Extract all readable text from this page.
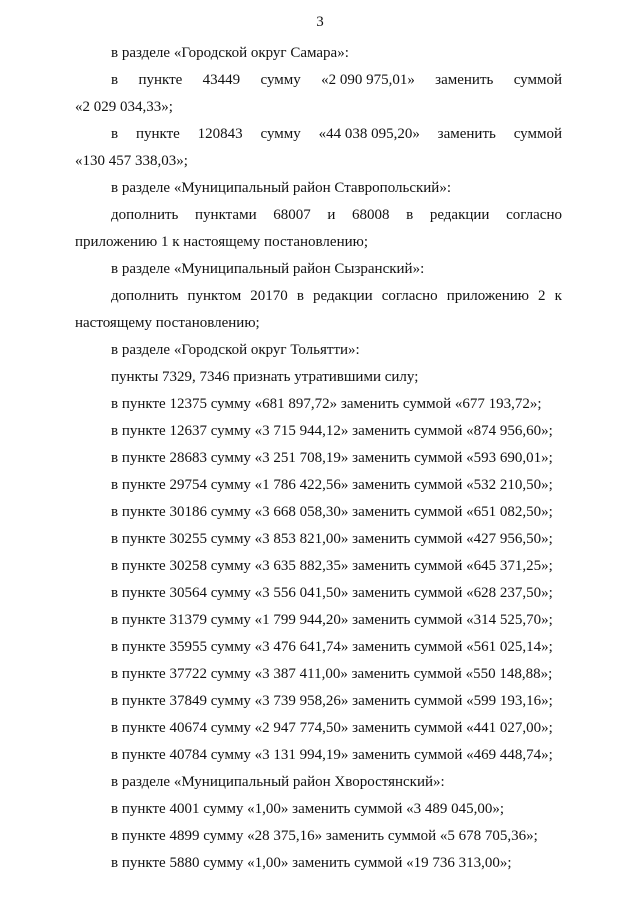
3
в разделе «Городской округ Самара»:
в пункте 43449 сумму «2 090 975,01» заменить суммой
«2 029 034,33»;
в пункте 120843 сумму «44 038 095,20» заменить суммой
«130 457 338,03»;
в разделе «Муниципальный район Ставропольский»:
дополнить пунктами 68007 и 68008 в редакции согласно
приложению 1 к настоящему постановлению;
в разделе «Муниципальный район Сызранский»:
дополнить пунктом 20170 в редакции согласно приложению 2 к
настоящему постановлению;
в разделе «Городской округ Тольятти»:
пункты 7329, 7346 признать утратившими силу;
в пункте 12375 сумму «681 897,72» заменить суммой «677 193,72»;
в пункте 12637 сумму «3 715 944,12» заменить суммой «874 956,60»;
в пункте 28683 сумму «3 251 708,19» заменить суммой «593 690,01»;
в пункте 29754 сумму «1 786 422,56» заменить суммой «532 210,50»;
в пункте 30186 сумму «3 668 058,30» заменить суммой «651 082,50»;
в пункте 30255 сумму «3 853 821,00» заменить суммой «427 956,50»;
в пункте 30258 сумму «3 635 882,35» заменить суммой «645 371,25»;
в пункте 30564 сумму «3 556 041,50» заменить суммой «628 237,50»;
в пункте 31379 сумму «1 799 944,20» заменить суммой «314 525,70»;
в пункте 35955 сумму «3 476 641,74» заменить суммой «561 025,14»;
в пункте 37722 сумму «3 387 411,00» заменить суммой «550 148,88»;
в пункте 37849 сумму «3 739 958,26» заменить суммой «599 193,16»;
в пункте 40674 сумму «2 947 774,50» заменить суммой «441 027,00»;
в пункте 40784 сумму «3 131 994,19» заменить суммой «469 448,74»;
в разделе «Муниципальный район Хворостянский»:
в пункте 4001 сумму «1,00» заменить суммой «3 489 045,00»;
в пункте 4899 сумму «28 375,16» заменить суммой «5 678 705,36»;
в пункте 5880 сумму «1,00» заменить суммой «19 736 313,00»;
